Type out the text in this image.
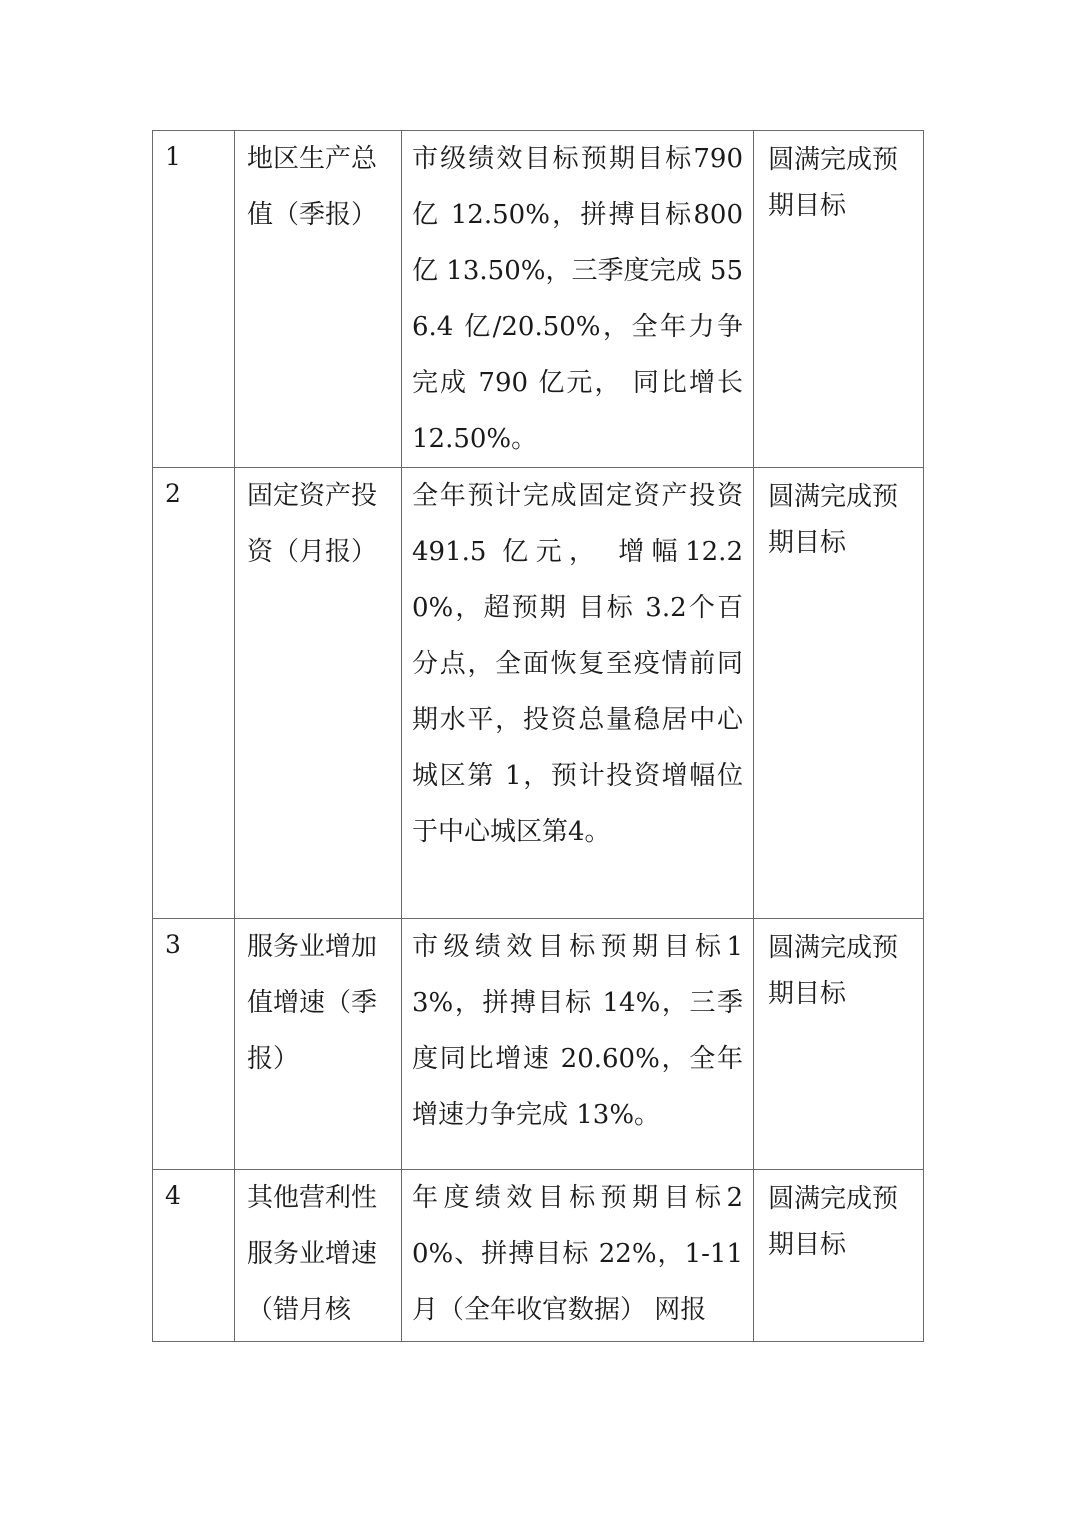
1	地区生产总值（季报）	市级绩效目标预期目标790 亿 12.50%，拼搏目标800 亿 13.50%，三季度完成 556.4 亿/20.50%，全年力争完成 790 亿元， 同比增长 12.50%。	圆满完成预期目标

2	固定资产投资（月报）	全年预计完成固定资产投资 491.5 亿元， 增幅12.20%，超预期 目标 3.2个百分点，全面恢复至疫情前同期水平，投资总量稳居中心城区第 1，预计投资增幅位于中心城区第4。	圆满完成预期目标

3	服务业增加值增速（季报）	市级绩效目标预期目标13%，拼搏目标 14%，三季度同比增速 20.60%，全年增速力争完成 13%。	圆满完成预期目标

4	其他营利性服务业增速（错月核	年度绩效目标预期目标20%、拼搏目标 22%，1-11月（全年收官数据） 网报	圆满完成预期目标
